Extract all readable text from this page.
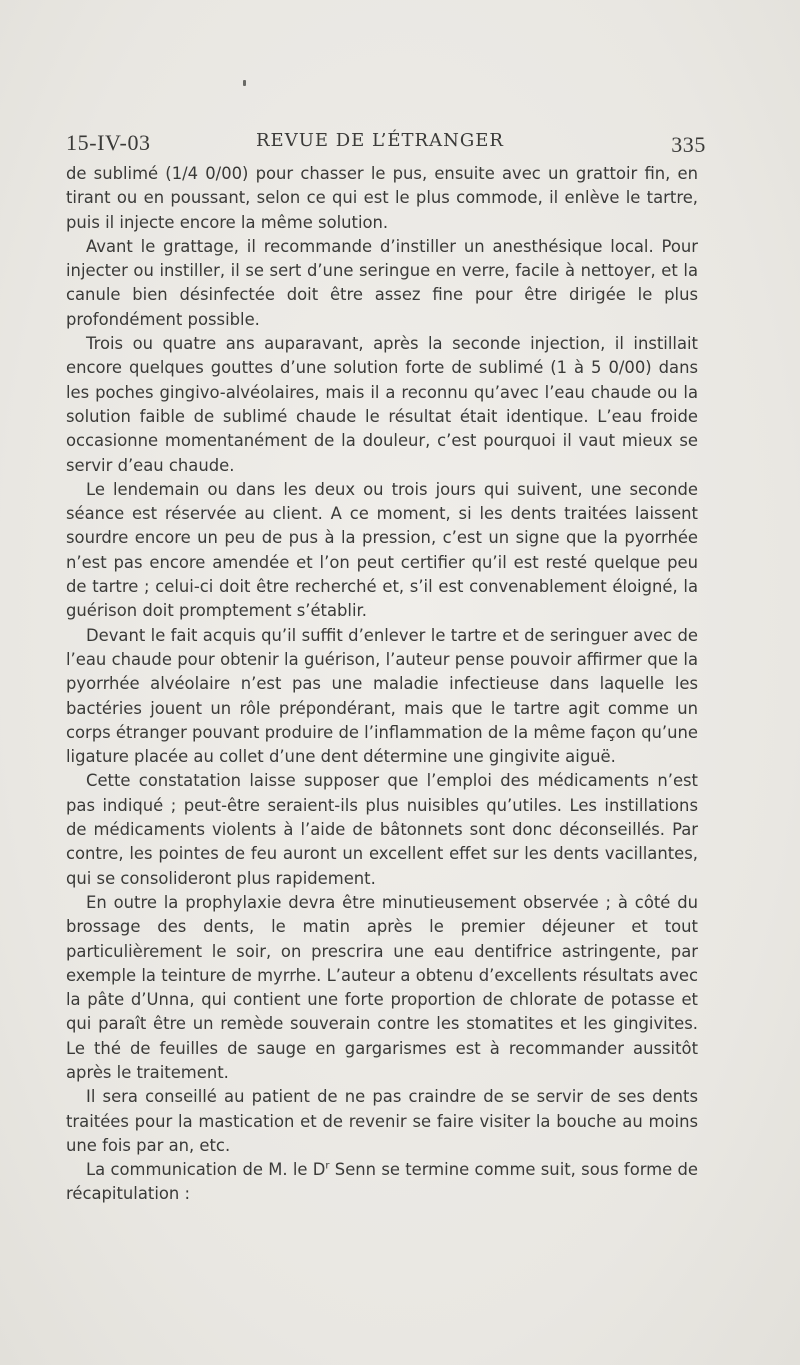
15-IV-03	REVUE DE L’ÉTRANGER	335

de sublimé (1/4 0/00) pour chasser le pus, ensuite avec un grattoir fin, en tirant ou en poussant, selon ce qui est le plus commode, il enlève le tartre, puis il injecte encore la même solution.

Avant le grattage, il recommande d’instiller un anesthésique local. Pour injecter ou instiller, il se sert d’une seringue en verre, facile à nettoyer, et la canule bien désinfectée doit être assez fine pour être dirigée le plus profondément possible.

Trois ou quatre ans auparavant, après la seconde injection, il instillait encore quelques gouttes d’une solution forte de sublimé (1 à 5 0/00) dans les poches gingivo-alvéolaires, mais il a reconnu qu’avec l’eau chaude ou la solution faible de sublimé chaude le résultat était identique. L’eau froide occasionne momentanément de la douleur, c’est pourquoi il vaut mieux se servir d’eau chaude.

Le lendemain ou dans les deux ou trois jours qui suivent, une seconde séance est réservée au client. A ce moment, si les dents traitées laissent sourdre encore un peu de pus à la pression, c’est un signe que la pyorrhée n’est pas encore amendée et l’on peut certifier qu’il est resté quelque peu de tartre ; celui-ci doit être recherché et, s’il est convenablement éloigné, la guérison doit promptement s’établir.

Devant le fait acquis qu’il suffit d’enlever le tartre et de seringuer avec de l’eau chaude pour obtenir la guérison, l’auteur pense pouvoir affirmer que la pyorrhée alvéolaire n’est pas une maladie infectieuse dans laquelle les bactéries jouent un rôle prépondérant, mais que le tartre agit comme un corps étranger pouvant produire de l’inflammation de la même façon qu’une ligature placée au collet d’une dent détermine une gingivite aiguë.

Cette constatation laisse supposer que l’emploi des médicaments n’est pas indiqué ; peut-être seraient-ils plus nuisibles qu’utiles. Les instillations de médicaments violents à l’aide de bâtonnets sont donc déconseillés. Par contre, les pointes de feu auront un excellent effet sur les dents vacillantes, qui se consolideront plus rapidement.

En outre la prophylaxie devra être minutieusement observée ; à côté du brossage des dents, le matin après le premier déjeuner et tout particulièrement le soir, on prescrira une eau dentifrice astringente, par exemple la teinture de myrrhe. L’auteur a obtenu d’excellents résultats avec la pâte d’Unna, qui contient une forte proportion de chlorate de potasse et qui paraît être un remède souverain contre les stomatites et les gingivites. Le thé de feuilles de sauge en gargarismes est à recommander aussitôt après le traitement.

Il sera conseillé au patient de ne pas craindre de se servir de ses dents traitées pour la mastication et de revenir se faire visiter la bouche au moins une fois par an, etc.

La communication de M. le $D^r$ Senn se termine comme suit, sous forme de récapitulation :
